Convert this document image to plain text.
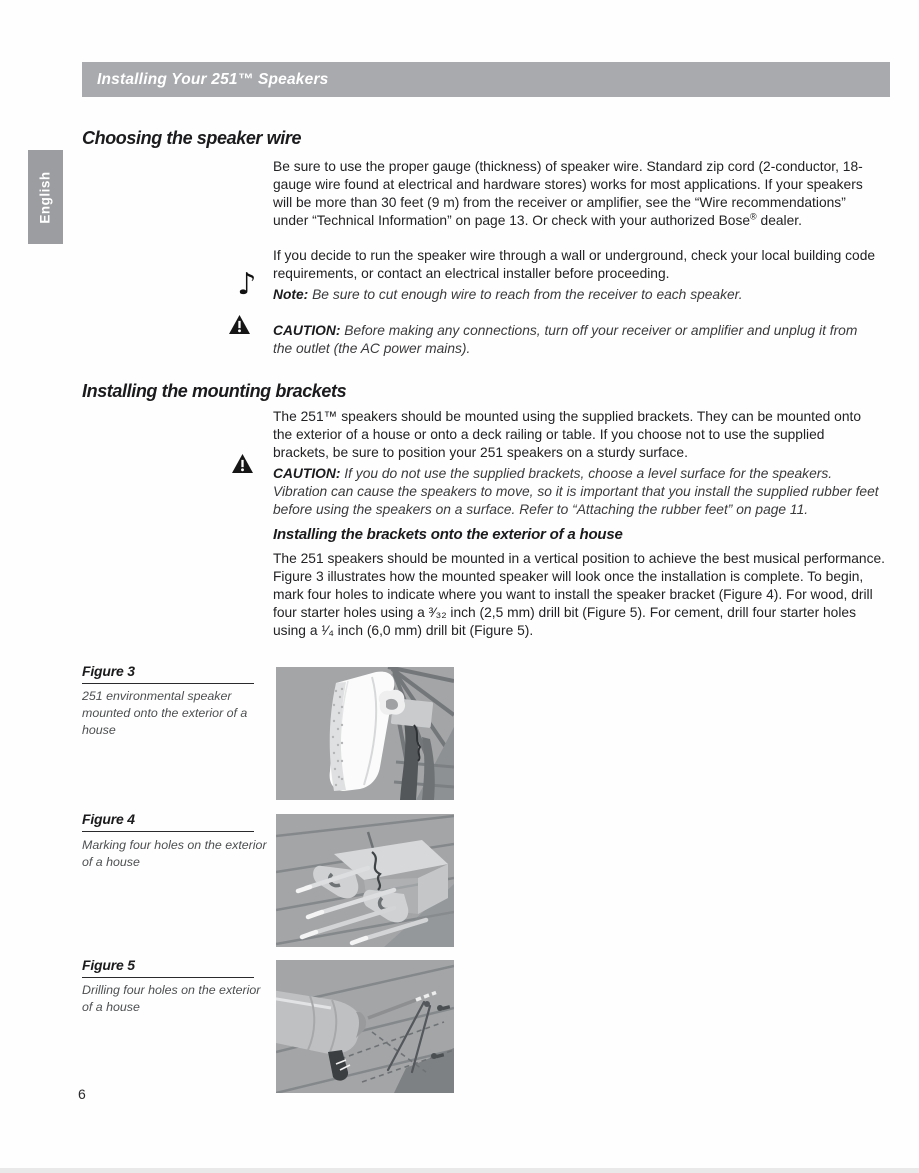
Installing Your 251™ Speakers
English
Choosing the speaker wire

Be sure to use the proper gauge (thickness) of speaker wire. Standard zip cord (2-conductor, 18-gauge wire found at electrical and hardware stores) works for most applications. If your speakers will be more than 30 feet (9 m) from the receiver or amplifier, see the “Wire recommendations” under “Technical Information” on page 13. Or check with your authorized Bose® dealer.

If you decide to run the speaker wire through a wall or underground, check your local building code requirements, or contact an electrical installer before proceeding.

♪	Note: Be sure to cut enough wire to reach from the receiver to each speaker.

CAUTION: Before making any connections, turn off your receiver or amplifier and unplug it from the outlet (the AC power mains).

Installing the mounting brackets

The 251™ speakers should be mounted using the supplied brackets. They can be mounted onto the exterior of a house or onto a deck railing or table. If you choose not to use the supplied brackets, be sure to position your 251 speakers on a sturdy surface.

CAUTION: If you do not use the supplied brackets, choose a level surface for the speakers. Vibration can cause the speakers to move, so it is important that you install the supplied rubber feet before using the speakers on a surface. Refer to “Attaching the rubber feet” on page 11.

Installing the brackets onto the exterior of a house

The 251 speakers should be mounted in a vertical position to achieve the best musical performance. Figure 3 illustrates how the mounted speaker will look once the installation is complete. To begin, mark four holes to indicate where you want to install the speaker bracket (Figure 4). For wood, drill four starter holes using a ³⁄₃₂ inch (2,5 mm) drill bit (Figure 5). For cement, drill four starter holes using a ¹⁄₄ inch (6,0 mm) drill bit (Figure 5).

Figure 3
251 environmental speaker
mounted onto the exterior of a
house
Figure 4
Marking four holes on the exterior
of a house
Figure 5
Drilling four holes on the exterior
of a house
6
